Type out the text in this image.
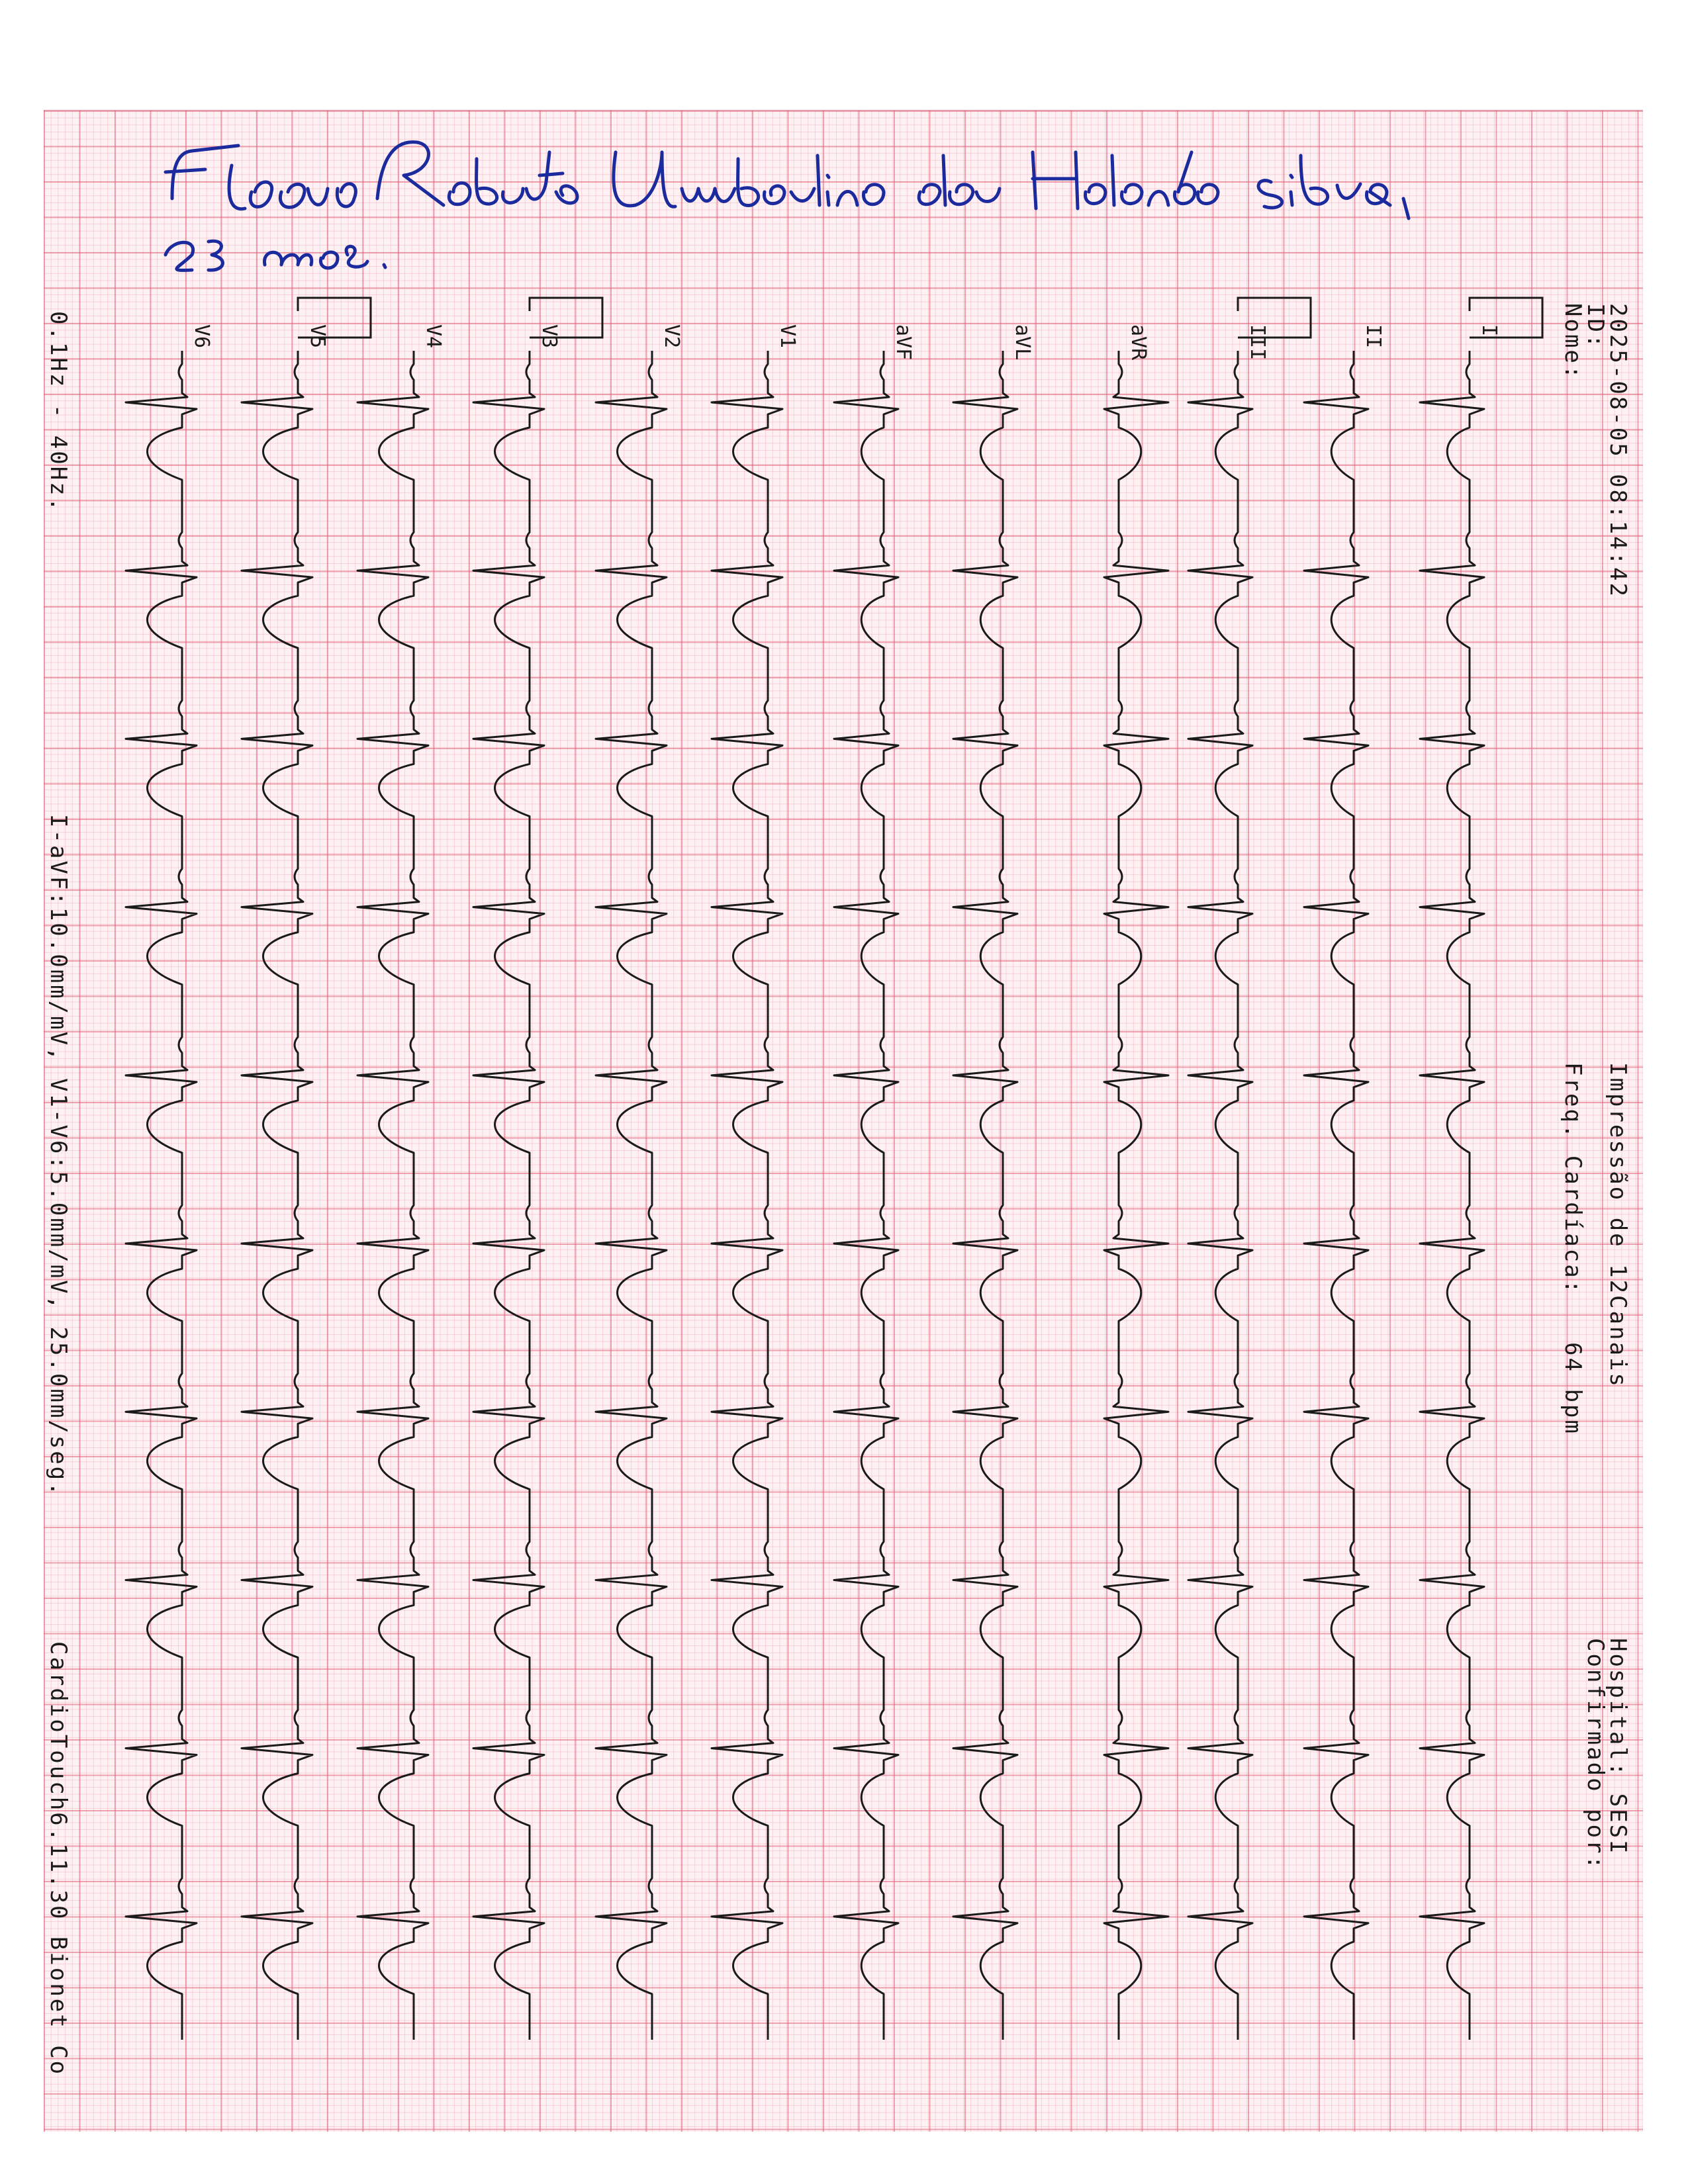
2025-08-05 08:14:42
ID:
Nome:
Impressão de 12Canais
Freq. Cardíaca:  64 bpm
Hospital: SESI
Confirmado por:
0.1Hz - 40Hz.
I-aVF:10.0mm/mV, V1-V6:5.0mm/mV, 25.0mm/seg.
CardioTouch6.11.30 Bionet Co
I
II
III
aVR
aVL
aVF
V1
V2
V3
V4
V5
V6
